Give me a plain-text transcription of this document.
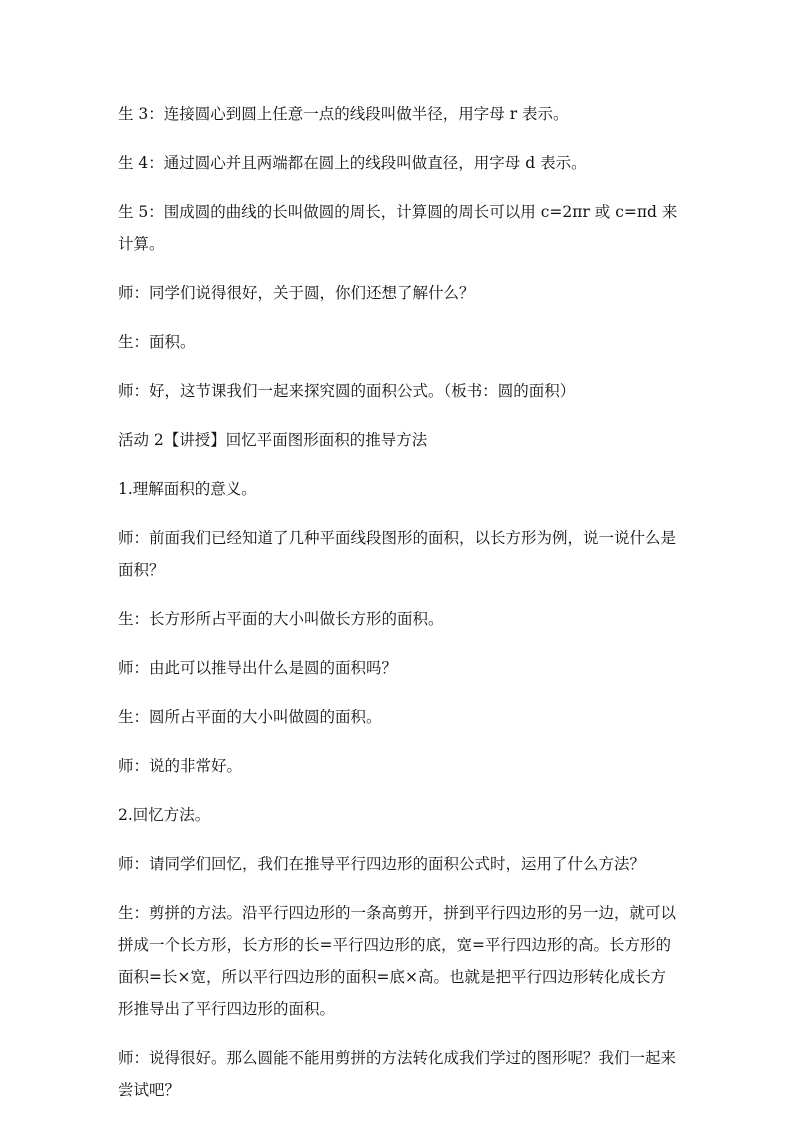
生 3：连接圆心到圆上任意一点的线段叫做半径，用字母 r 表示。

生 4：通过圆心并且两端都在圆上的线段叫做直径，用字母 d 表示。

生 5：围成圆的曲线的长叫做圆的周长，计算圆的周长可以用 c=2πr 或 c=πd 来计算。

师：同学们说得很好，关于圆，你们还想了解什么？

生：面积。

师：好，这节课我们一起来探究圆的面积公式。（板书：圆的面积）

活动 2【讲授】回忆平面图形面积的推导方法

1.理解面积的意义。

师：前面我们已经知道了几种平面线段图形的面积，以长方形为例，说一说什么是面积？

生：长方形所占平面的大小叫做长方形的面积。

师：由此可以推导出什么是圆的面积吗？

生：圆所占平面的大小叫做圆的面积。

师：说的非常好。

2.回忆方法。

师：请同学们回忆，我们在推导平行四边形的面积公式时，运用了什么方法？

生：剪拼的方法。沿平行四边形的一条高剪开，拼到平行四边形的另一边，就可以拼成一个长方形，长方形的长=平行四边形的底，宽=平行四边形的高。长方形的面积=长×宽，所以平行四边形的面积=底×高。也就是把平行四边形转化成长方形推导出了平行四边形的面积。

师：说得很好。那么圆能不能用剪拼的方法转化成我们学过的图形呢？我们一起来尝试吧？
